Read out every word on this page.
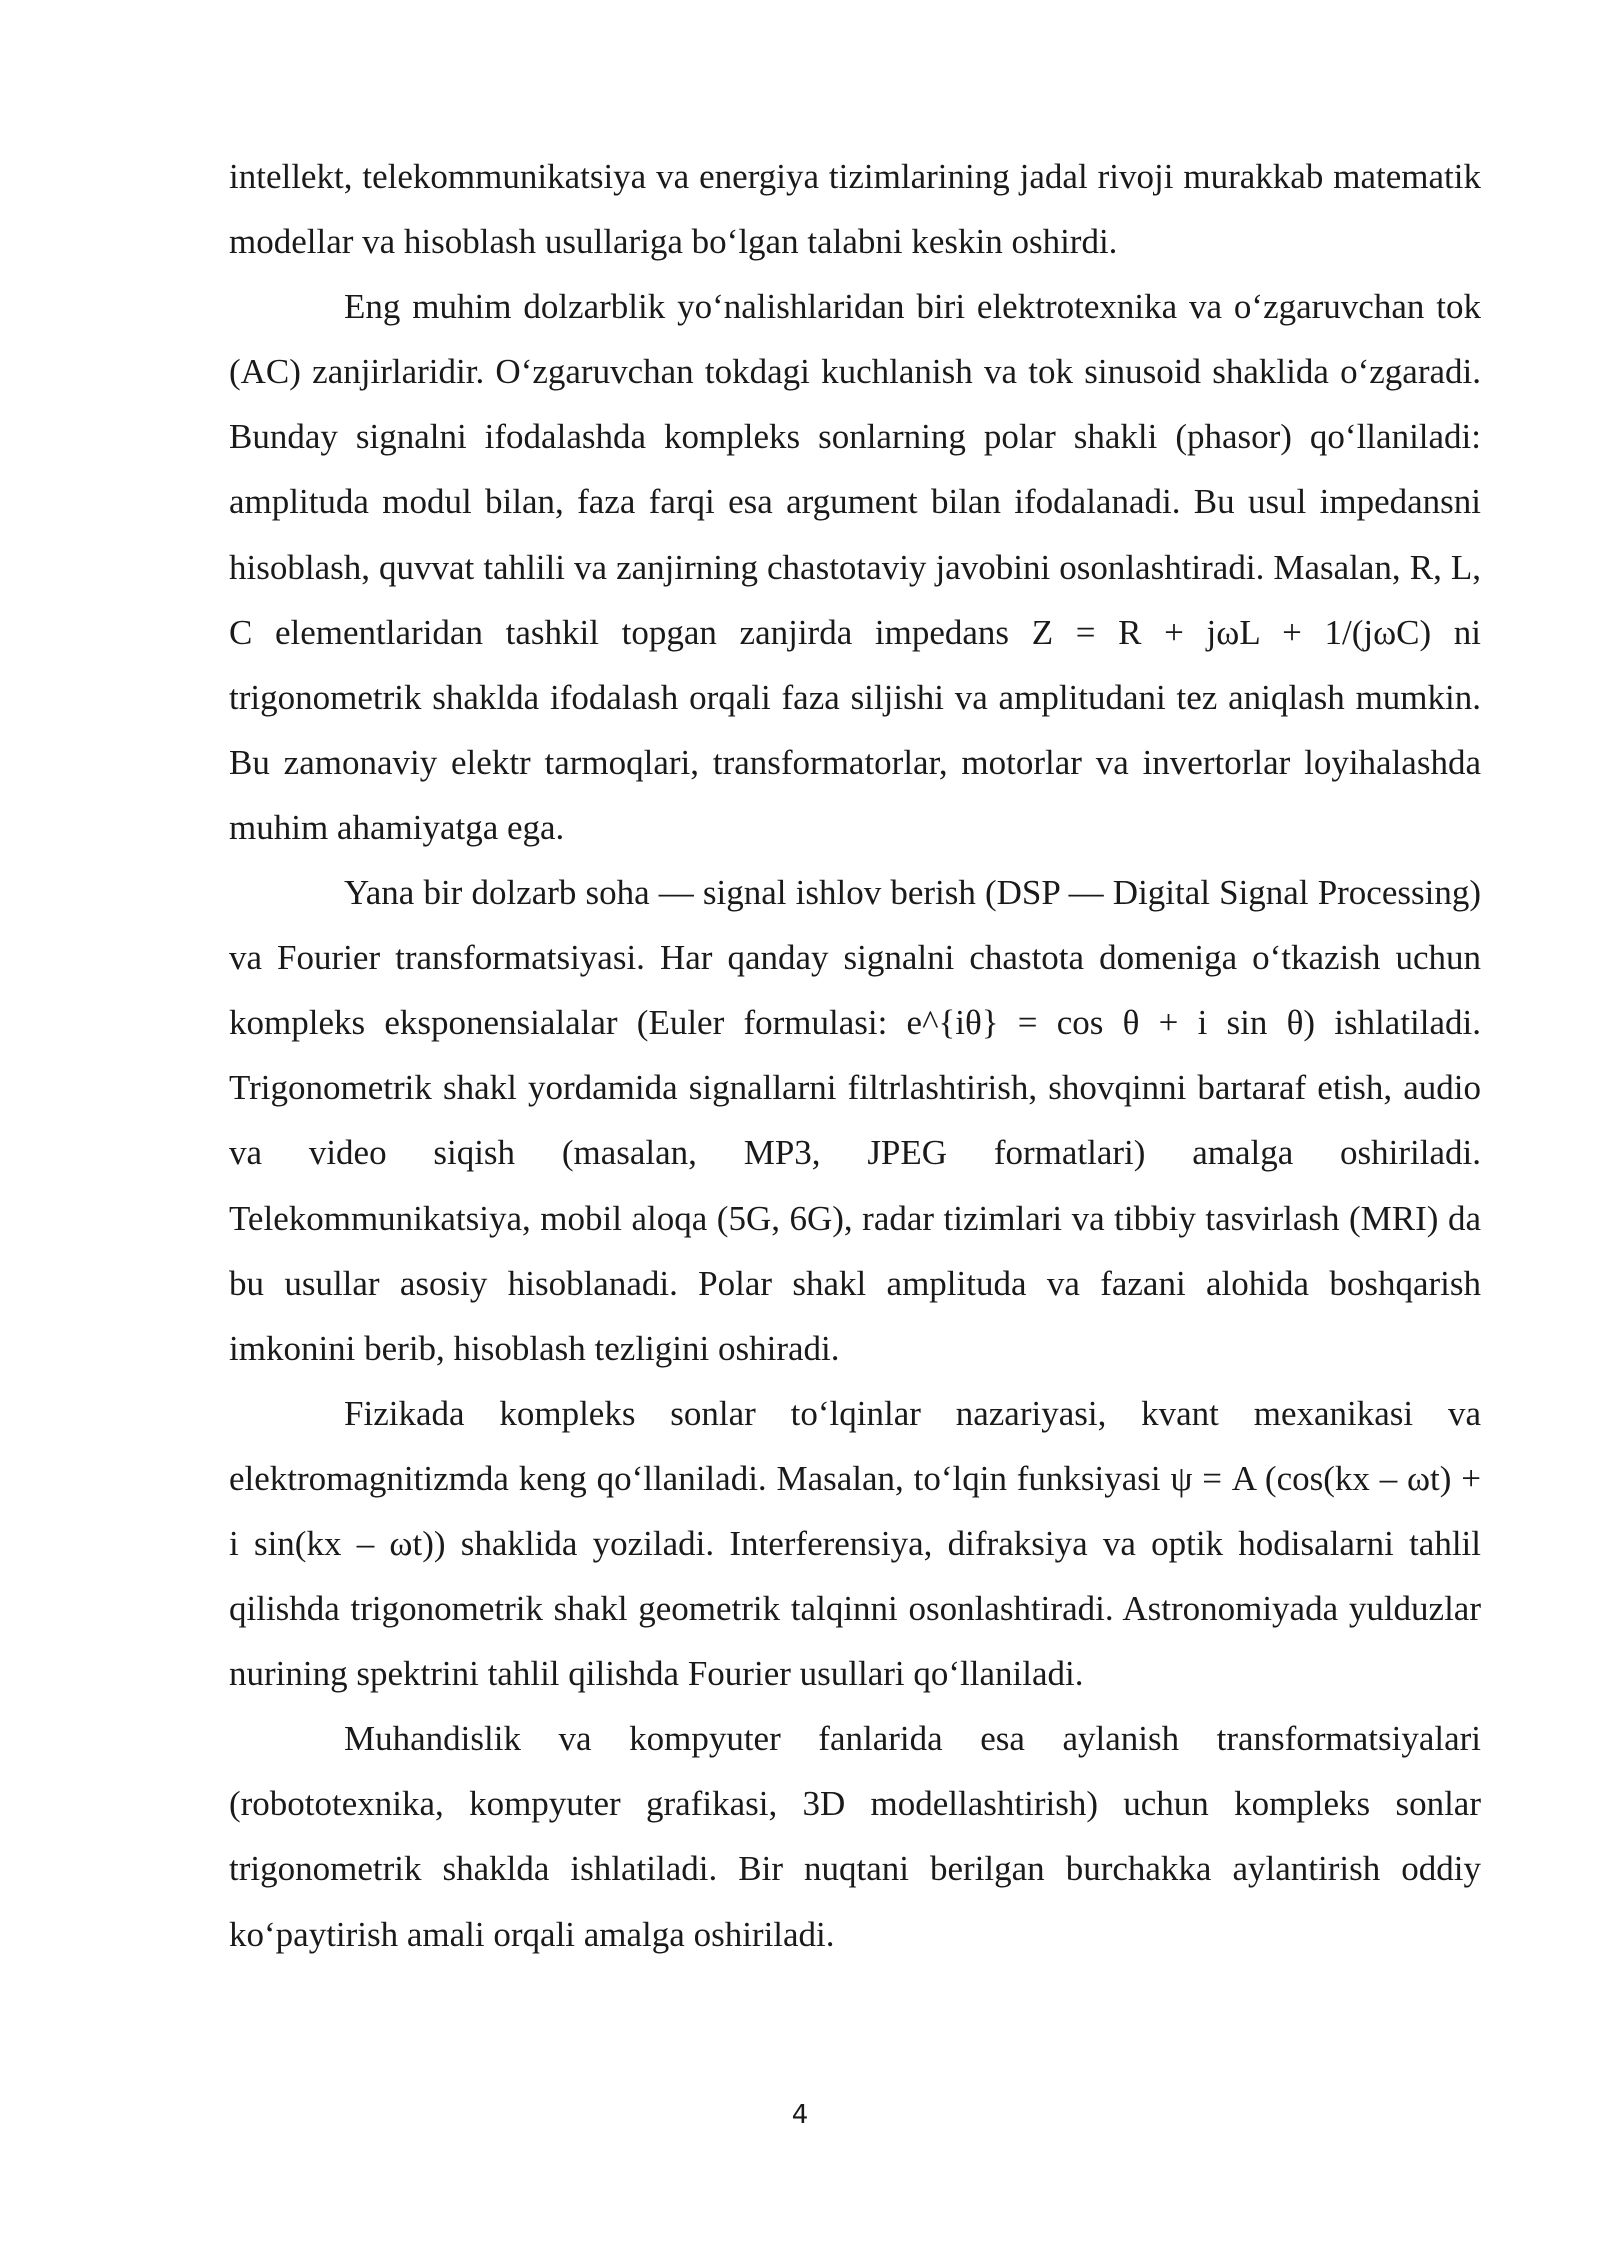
intellekt, telekommunikatsiya va energiya tizimlarining jadal rivoji murakkab matematik modellar va hisoblash usullariga bo‘lgan talabni keskin oshirdi.

Eng muhim dolzarblik yo‘nalishlaridan biri elektrotexnika va o‘zgaruvchan tok (AC) zanjirlaridir. O‘zgaruvchan tokdagi kuchlanish va tok sinusoid shaklida o‘zgaradi. Bunday signalni ifodalashda kompleks sonlarning polar shakli (phasor) qo‘llaniladi: amplituda modul bilan, faza farqi esa argument bilan ifodalanadi. Bu usul impedansni hisoblash, quvvat tahlili va zanjirning chastotaviy javobini osonlashtiradi. Masalan, R, L, C elementlaridan tashkil topgan zanjirda impedans Z = R + jωL + 1/(jωC) ni trigonometrik shaklda ifodalash orqali faza siljishi va amplitudani tez aniqlash mumkin. Bu zamonaviy elektr tarmoqlari, transformatorlar, motorlar va invertorlar loyihalashda muhim ahamiyatga ega.

Yana bir dolzarb soha — signal ishlov berish (DSP — Digital Signal Processing) va Fourier transformatsiyasi. Har qanday signalni chastota domeniga o‘tkazish uchun kompleks eksponensialalar (Euler formulasi: e^{iθ} = cos θ + i sin θ) ishlatiladi. Trigonometrik shakl yordamida signallarni filtrlashtirish, shovqinni bartaraf etish, audio va video siqish (masalan, MP3, JPEG formatlari) amalga oshiriladi. Telekommunikatsiya, mobil aloqa (5G, 6G), radar tizimlari va tibbiy tasvirlash (MRI) da bu usullar asosiy hisoblanadi. Polar shakl amplituda va fazani alohida boshqarish imkonini berib, hisoblash tezligini oshiradi.

Fizikada kompleks sonlar to‘lqinlar nazariyasi, kvant mexanikasi va elektromagnitizmda keng qo‘llaniladi. Masalan, to‘lqin funksiyasi ψ = A (cos(kx – ωt) + i sin(kx – ωt)) shaklida yoziladi. Interferensiya, difraksiya va optik hodisalarni tahlil qilishda trigonometrik shakl geometrik talqinni osonlashtiradi. Astronomiyada yulduzlar nurining spektrini tahlil qilishda Fourier usullari qo‘llaniladi.

Muhandislik va kompyuter fanlarida esa aylanish transformatsiyalari (robototexnika, kompyuter grafikasi, 3D modellashtirish) uchun kompleks sonlar trigonometrik shaklda ishlatiladi. Bir nuqtani berilgan burchakka aylantirish oddiy ko‘paytirish amali orqali amalga oshiriladi.

4
